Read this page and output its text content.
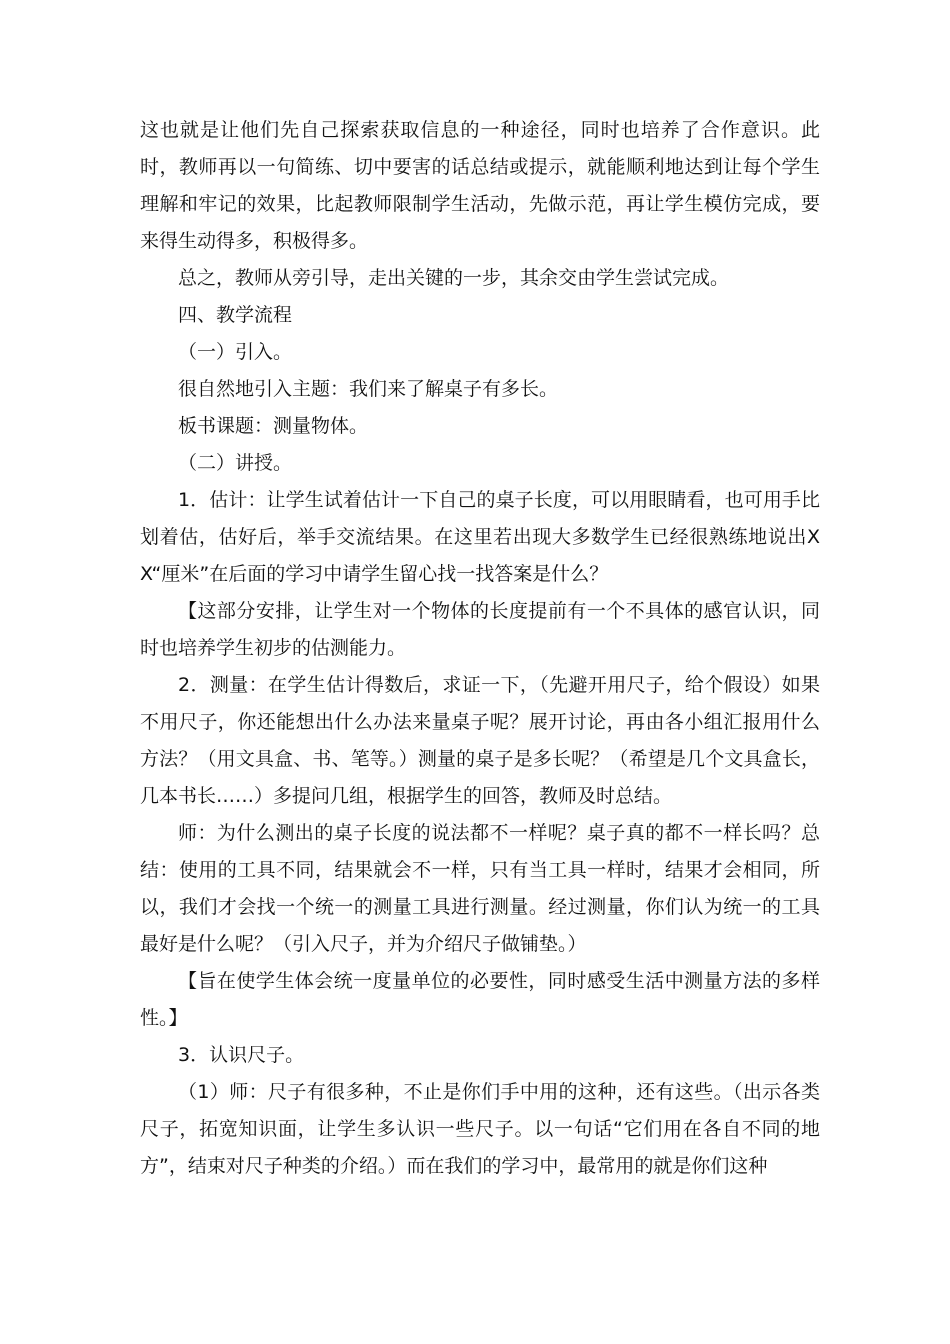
这也就是让他们先自己探索获取信息的一种途径，同时也培养了合作意识。此时，教师再以一句简练、切中要害的话总结或提示，就能顺利地达到让每个学生理解和牢记的效果，比起教师限制学生活动，先做示范，再让学生模仿完成，要来得生动得多，积极得多。

总之，教师从旁引导，走出关键的一步，其余交由学生尝试完成。

四、教学流程

（一）引入。

很自然地引入主题：我们来了解桌子有多长。

板书课题：测量物体。

（二）讲授。

1．估计：让学生试着估计一下自己的桌子长度，可以用眼睛看，也可用手比划着估，估好后，举手交流结果。在这里若出现大多数学生已经很熟练地说出XX“厘米”在后面的学习中请学生留心找一找答案是什么？

【这部分安排，让学生对一个物体的长度提前有一个不具体的感官认识，同时也培养学生初步的估测能力。

2．测量：在学生估计得数后，求证一下，（先避开用尺子，给个假设）如果不用尺子，你还能想出什么办法来量桌子呢？展开讨论，再由各小组汇报用什么方法？（用文具盒、书、笔等。）测量的桌子是多长呢？（希望是几个文具盒长，几本书长……）多提问几组，根据学生的回答，教师及时总结。

师：为什么测出的桌子长度的说法都不一样呢？桌子真的都不一样长吗？总结：使用的工具不同，结果就会不一样，只有当工具一样时，结果才会相同，所以，我们才会找一个统一的测量工具进行测量。经过测量，你们认为统一的工具最好是什么呢？（引入尺子，并为介绍尺子做铺垫。）

【旨在使学生体会统一度量单位的必要性，同时感受生活中测量方法的多样性。】

3．认识尺子。

（1）师：尺子有很多种，不止是你们手中用的这种，还有这些。（出示各类尺子，拓宽知识面，让学生多认识一些尺子。以一句话“它们用在各自不同的地方”，结束对尺子种类的介绍。）而在我们的学习中，最常用的就是你们这种
